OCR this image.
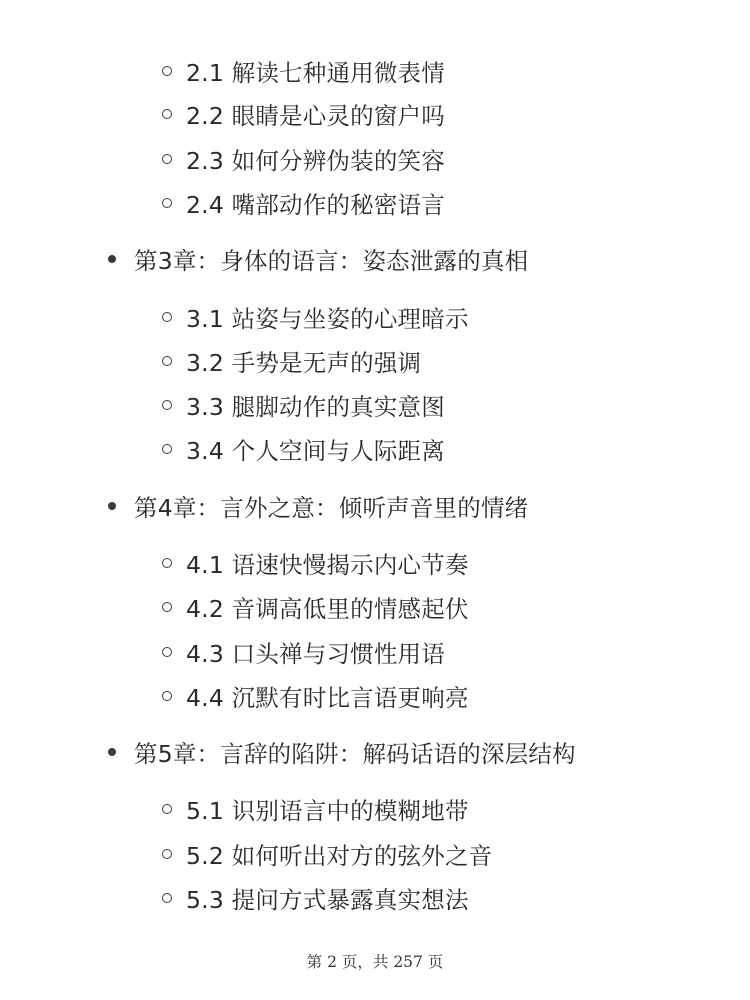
2.1 解读七种通用微表情
2.2 眼睛是心灵的窗户吗
2.3 如何分辨伪装的笑容
2.4 嘴部动作的秘密语言
第3章：身体的语言：姿态泄露的真相
3.1 站姿与坐姿的心理暗示
3.2 手势是无声的强调
3.3 腿脚动作的真实意图
3.4 个人空间与人际距离
第4章：言外之意：倾听声音里的情绪
4.1 语速快慢揭示内心节奏
4.2 音调高低里的情感起伏
4.3 口头禅与习惯性用语
4.4 沉默有时比言语更响亮
第5章：言辞的陷阱：解码话语的深层结构
5.1 识别语言中的模糊地带
5.2 如何听出对方的弦外之音
5.3 提问方式暴露真实想法
第 2 页，共 257 页
